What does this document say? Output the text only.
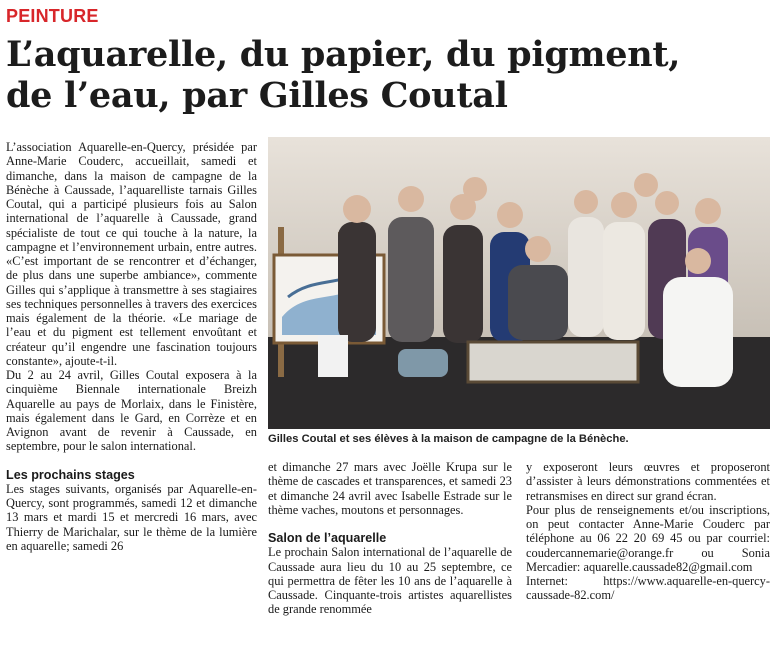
PEINTURE
L’aquarelle, du papier, du pigment,
de l’eau, par Gilles Coutal

L’association Aquarelle-en-Quercy, présidée par Anne-Marie Couderc, accueillait, samedi et dimanche, dans la maison de campagne de la Bénèche à Caussade, l’aquarelliste tarnais Gilles Coutal, qui a participé plusieurs fois au Salon international de l’aquarelle à Caussade, grand spécialiste de tout ce qui touche à la nature, la campagne et l’environnement urbain, entre autres. «C’est important de se rencontrer et d’échanger, de plus dans une superbe ambiance», commente Gilles qui s’applique à transmettre à ses stagiaires ses techniques personnelles à travers des exercices mais également de la théorie. «Le mariage de l’eau et du pigment est tellement envoûtant et créateur qu’il engendre une fascination toujours constante», ajoute-t-il.

Du 2 au 24 avril, Gilles Coutal exposera à la cinquième Biennale internationale Breizh Aquarelle au pays de Morlaix, dans le Finistère, mais également dans le Gard, en Corrèze et en Avignon avant de revenir à Caussade, en septembre, pour le salon international.

Les prochains stages

Les stages suivants, organisés par Aquarelle-en-Quercy, sont programmés, samedi 12 et dimanche 13 mars et mardi 15 et mercredi 16 mars, avec Thierry de Marichalar, sur le thème de la lumière en aquarelle; samedi 26

Gilles Coutal et ses élèves à la maison de campagne de la Bénèche.

et dimanche 27 mars avec Joëlle Krupa sur le thème de cascades et transparences, et samedi 23 et dimanche 24 avril avec Isabelle Estrade sur le thème vaches, moutons et personnages.

Salon de l’aquarelle

Le prochain Salon international de l’aquarelle de Caussade aura lieu du 10 au 25 septembre, ce qui permettra de fêter les 10 ans de l’aquarelle à Caussade. Cinquante-trois artistes aquarellistes de grande renommée

y exposeront leurs œuvres et proposeront d’assister à leurs démonstrations commentées et retransmises en direct sur grand écran.

Pour plus de renseignements et/ou inscriptions, on peut contacter Anne-Marie Couderc par téléphone au 06 22 20 69 45 ou par courriel: coudercannemarie@orange.fr ou Sonia Mercadier: aquarelle.caussade82@gmail.com

Internet: https://www.aquarelle-en-quercy-caussade-82.com/
